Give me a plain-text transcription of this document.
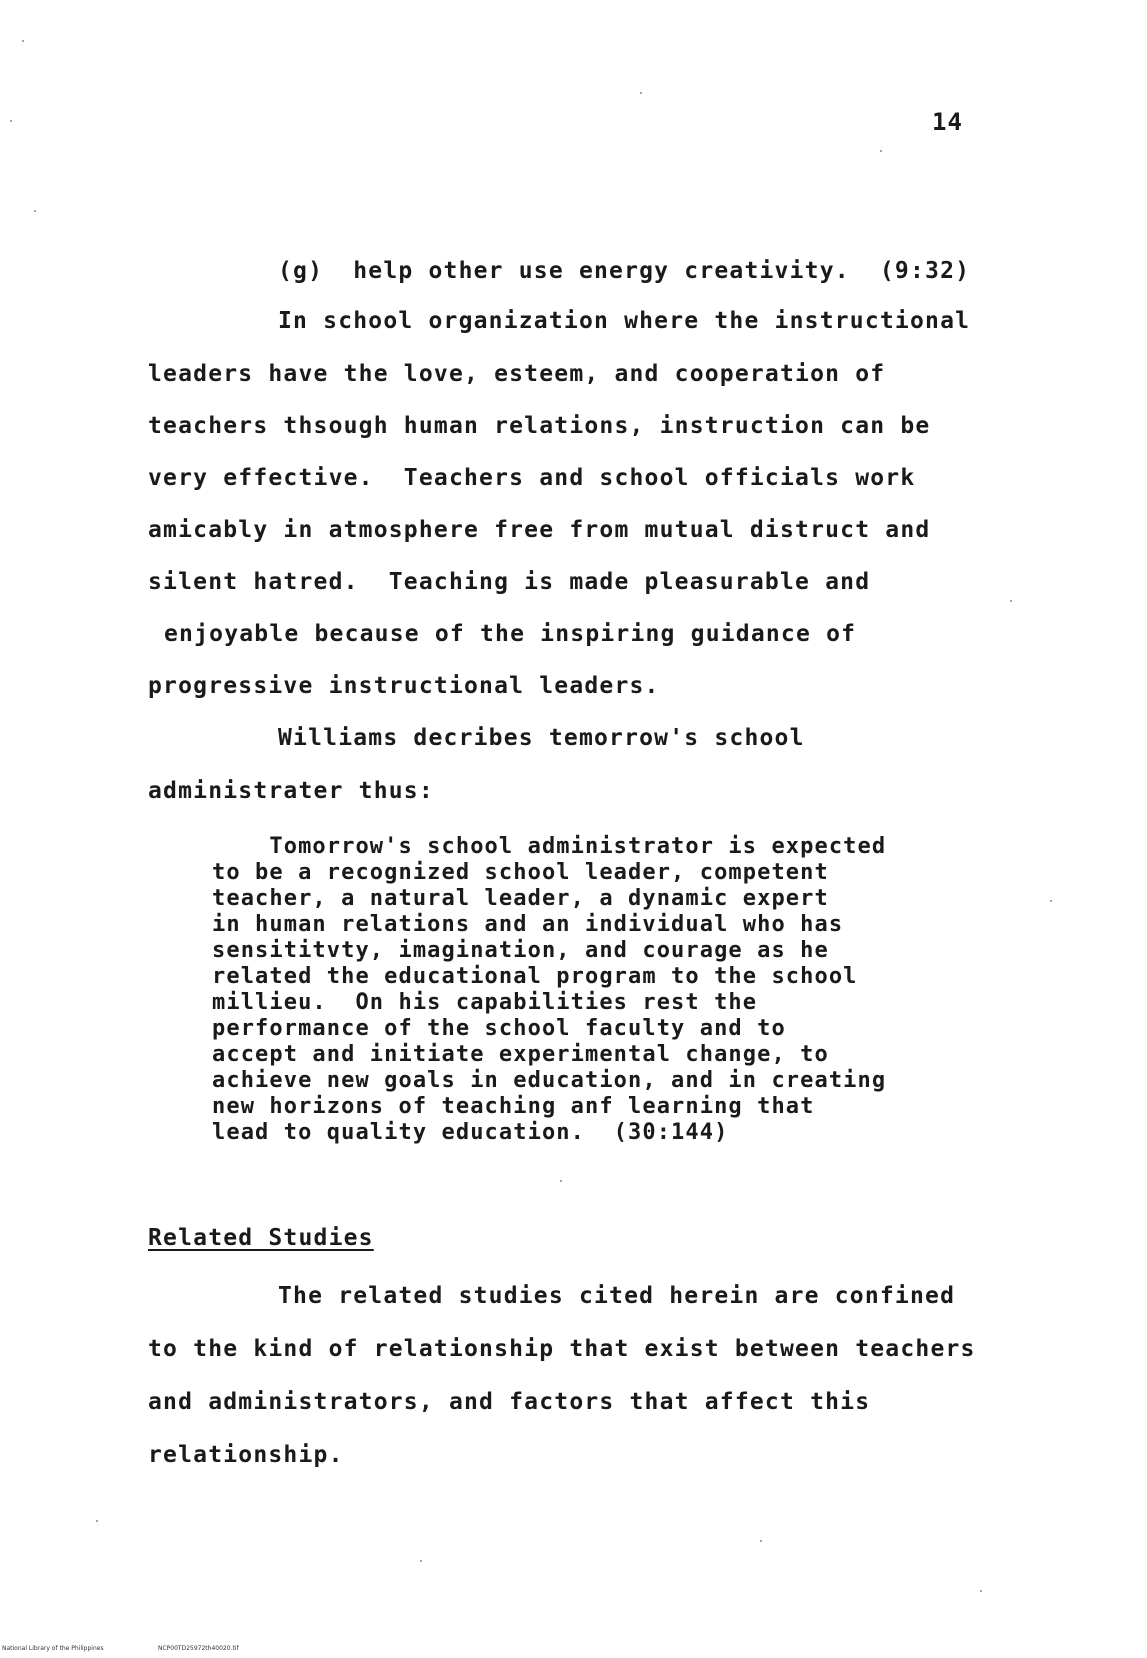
14
(g)  help other use energy creativity.  (9:32)
In school organization where the instructional
leaders have the love, esteem, and cooperation of
teachers thsough human relations, instruction can be
very effective.  Teachers and school officials work
amicably in atmosphere free from mutual distruct and
silent hatred.  Teaching is made pleasurable and
enjoyable because of the inspiring guidance of
progressive instructional leaders.
Williams decribes temorrow's school
administrater thus:
Tomorrow's school administrator is expected
to be a recognized school leader, competent
teacher, a natural leader, a dynamic expert
in human relations and an individual who has
sensititvty, imagination, and courage as he
related the educational program to the school
millieu.  On his capabilities rest the
performance of the school faculty and to
accept and initiate experimental change, to
achieve new goals in education, and in creating
new horizons of teaching anf learning that
lead to quality education.  (30:144)
Related Studies
The related studies cited herein are confined
to the kind of relationship that exist between teachers
and administrators, and factors that affect this
relationship.
National Library of the Philippines	NCP00TD25972th40020.tif
